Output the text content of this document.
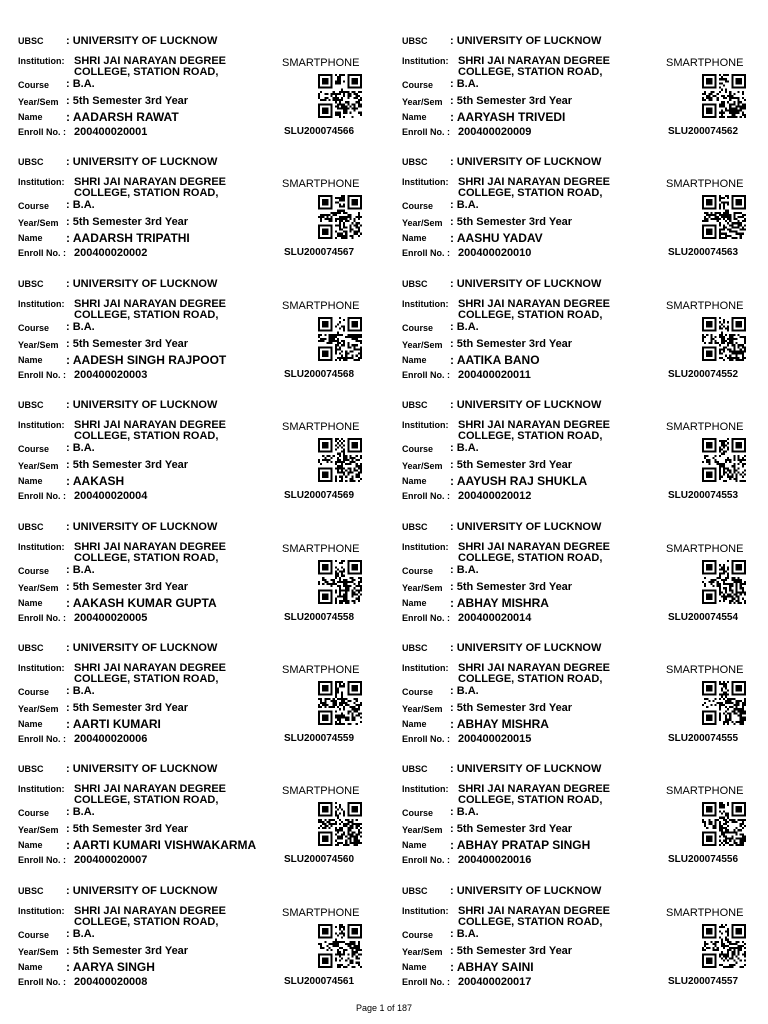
UBSC : UNIVERSITY OF LUCKNOW
Institution: SHRI JAI NARAYAN DEGREE
COLLEGE, STATION ROAD,
Course : B.A.
Year/Sem : 5th Semester 3rd Year
Name : AADARSH RAWAT
Enroll No. : 200400020001
SMARTPHONE
SLU200074566
UBSC : UNIVERSITY OF LUCKNOW
Institution: SHRI JAI NARAYAN DEGREE
COLLEGE, STATION ROAD,
Course : B.A.
Year/Sem : 5th Semester 3rd Year
Name : AARYASH TRIVEDI
Enroll No. : 200400020009
SMARTPHONE
SLU200074562
UBSC : UNIVERSITY OF LUCKNOW
Institution: SHRI JAI NARAYAN DEGREE
COLLEGE, STATION ROAD,
Course : B.A.
Year/Sem : 5th Semester 3rd Year
Name : AADARSH TRIPATHI
Enroll No. : 200400020002
SMARTPHONE
SLU200074567
UBSC : UNIVERSITY OF LUCKNOW
Institution: SHRI JAI NARAYAN DEGREE
COLLEGE, STATION ROAD,
Course : B.A.
Year/Sem : 5th Semester 3rd Year
Name : AASHU YADAV
Enroll No. : 200400020010
SMARTPHONE
SLU200074563
UBSC : UNIVERSITY OF LUCKNOW
Institution: SHRI JAI NARAYAN DEGREE
COLLEGE, STATION ROAD,
Course : B.A.
Year/Sem : 5th Semester 3rd Year
Name : AADESH SINGH RAJPOOT
Enroll No. : 200400020003
SMARTPHONE
SLU200074568
UBSC : UNIVERSITY OF LUCKNOW
Institution: SHRI JAI NARAYAN DEGREE
COLLEGE, STATION ROAD,
Course : B.A.
Year/Sem : 5th Semester 3rd Year
Name : AATIKA BANO
Enroll No. : 200400020011
SMARTPHONE
SLU200074552
UBSC : UNIVERSITY OF LUCKNOW
Institution: SHRI JAI NARAYAN DEGREE
COLLEGE, STATION ROAD,
Course : B.A.
Year/Sem : 5th Semester 3rd Year
Name : AAKASH
Enroll No. : 200400020004
SMARTPHONE
SLU200074569
UBSC : UNIVERSITY OF LUCKNOW
Institution: SHRI JAI NARAYAN DEGREE
COLLEGE, STATION ROAD,
Course : B.A.
Year/Sem : 5th Semester 3rd Year
Name : AAYUSH RAJ SHUKLA
Enroll No. : 200400020012
SMARTPHONE
SLU200074553
UBSC : UNIVERSITY OF LUCKNOW
Institution: SHRI JAI NARAYAN DEGREE
COLLEGE, STATION ROAD,
Course : B.A.
Year/Sem : 5th Semester 3rd Year
Name : AAKASH KUMAR GUPTA
Enroll No. : 200400020005
SMARTPHONE
SLU200074558
UBSC : UNIVERSITY OF LUCKNOW
Institution: SHRI JAI NARAYAN DEGREE
COLLEGE, STATION ROAD,
Course : B.A.
Year/Sem : 5th Semester 3rd Year
Name : ABHAY MISHRA
Enroll No. : 200400020014
SMARTPHONE
SLU200074554
UBSC : UNIVERSITY OF LUCKNOW
Institution: SHRI JAI NARAYAN DEGREE
COLLEGE, STATION ROAD,
Course : B.A.
Year/Sem : 5th Semester 3rd Year
Name : AARTI KUMARI
Enroll No. : 200400020006
SMARTPHONE
SLU200074559
UBSC : UNIVERSITY OF LUCKNOW
Institution: SHRI JAI NARAYAN DEGREE
COLLEGE, STATION ROAD,
Course : B.A.
Year/Sem : 5th Semester 3rd Year
Name : ABHAY MISHRA
Enroll No. : 200400020015
SMARTPHONE
SLU200074555
UBSC : UNIVERSITY OF LUCKNOW
Institution: SHRI JAI NARAYAN DEGREE
COLLEGE, STATION ROAD,
Course : B.A.
Year/Sem : 5th Semester 3rd Year
Name : AARTI KUMARI VISHWAKARMA
Enroll No. : 200400020007
SMARTPHONE
SLU200074560
UBSC : UNIVERSITY OF LUCKNOW
Institution: SHRI JAI NARAYAN DEGREE
COLLEGE, STATION ROAD,
Course : B.A.
Year/Sem : 5th Semester 3rd Year
Name : ABHAY PRATAP SINGH
Enroll No. : 200400020016
SMARTPHONE
SLU200074556
UBSC : UNIVERSITY OF LUCKNOW
Institution: SHRI JAI NARAYAN DEGREE
COLLEGE, STATION ROAD,
Course : B.A.
Year/Sem : 5th Semester 3rd Year
Name : AARYA SINGH
Enroll No. : 200400020008
SMARTPHONE
SLU200074561
UBSC : UNIVERSITY OF LUCKNOW
Institution: SHRI JAI NARAYAN DEGREE
COLLEGE, STATION ROAD,
Course : B.A.
Year/Sem : 5th Semester 3rd Year
Name : ABHAY SAINI
Enroll No. : 200400020017
SMARTPHONE
SLU200074557
Page 1 of 187
